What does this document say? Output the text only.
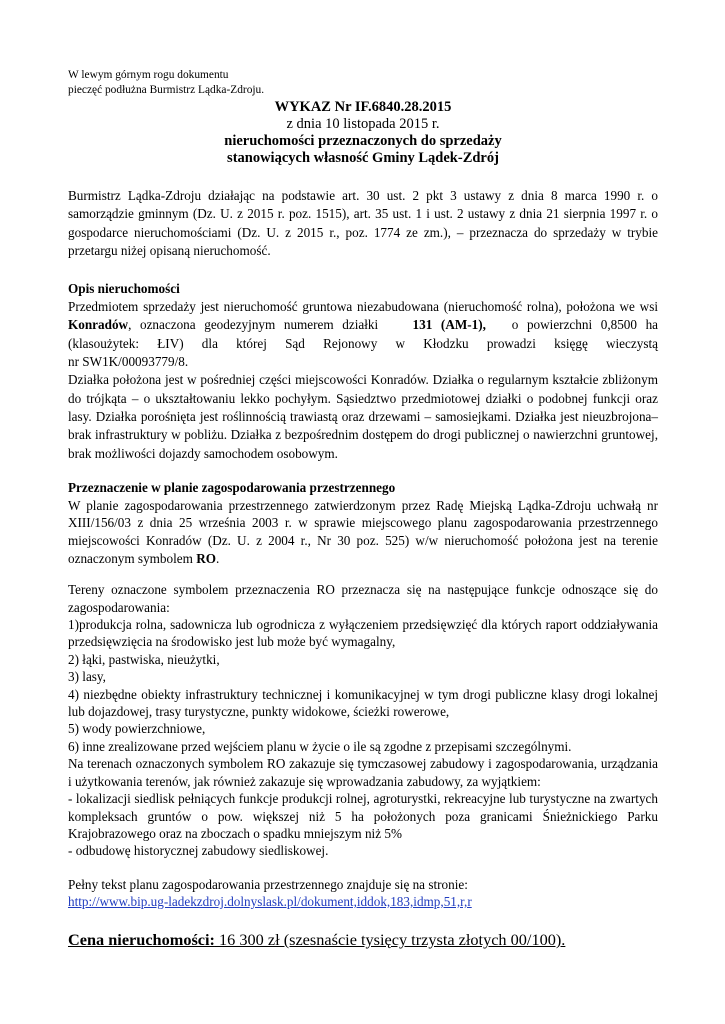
W lewym górnym rogu dokumentu
pieczęć podłużna Burmistrz Lądka-Zdroju.
WYKAZ Nr IF.6840.28.2015
z dnia 10 listopada 2015 r.
nieruchomości przeznaczonych do sprzedaży
stanowiących własność Gminy Lądek-Zdrój
Burmistrz Lądka-Zdroju działając na podstawie art. 30 ust. 2 pkt 3 ustawy z dnia 8 marca 1990 r. o samorządzie gminnym (Dz. U. z 2015 r. poz. 1515), art. 35 ust. 1 i ust. 2 ustawy z dnia 21 sierpnia 1997 r. o gospodarce nieruchomościami (Dz. U. z 2015 r., poz. 1774 ze zm.), – przeznacza do sprzedaży w trybie przetargu niżej opisaną nieruchomość.
Opis nieruchomości
Przedmiotem sprzedaży jest nieruchomość gruntowa niezabudowana (nieruchomość rolna), położona we wsi
Konradów, oznaczona geodezyjnym numerem działki	131 (AM-1), o powierzchni 0,8500 ha
(klasoużytek: ŁIV) dla której Sąd Rejonowy w Kłodzku prowadzi księgę wieczystą
nr SW1K/00093779/8.
Działka położona jest w pośredniej części miejscowości Konradów. Działka o regularnym kształcie zbliżonym do trójkąta – o ukształtowaniu lekko pochyłym. Sąsiedztwo przedmiotowej działki o podobnej funkcji oraz lasy. Działka porośnięta jest roślinnością trawiastą oraz drzewami – samosiejkami. Działka jest nieuzbrojona– brak infrastruktury w pobliżu. Działka z bezpośrednim dostępem do drogi publicznej o nawierzchni gruntowej, brak możliwości dojazdy samochodem osobowym.
Przeznaczenie w planie zagospodarowania przestrzennego
W planie zagospodarowania przestrzennego zatwierdzonym przez Radę Miejską Lądka-Zdroju uchwałą nr XIII/156/03 z dnia 25 września 2003 r. w sprawie miejscowego planu zagospodarowania przestrzennego miejscowości Konradów (Dz. U. z 2004 r., Nr 30 poz. 525) w/w nieruchomość położona jest na terenie oznaczonym symbolem RO.
Tereny oznaczone symbolem przeznaczenia RO przeznacza się na następujące funkcje odnoszące się do zagospodarowania:
1)produkcja rolna, sadownicza lub ogrodnicza z wyłączeniem przedsięwzięć dla których raport oddziaływania przedsięwzięcia na środowisko jest lub może być wymagalny,
2) łąki, pastwiska, nieużytki,
3) lasy,
4) niezbędne obiekty infrastruktury technicznej i komunikacyjnej w tym drogi publiczne klasy drogi lokalnej lub dojazdowej, trasy turystyczne, punkty widokowe, ścieżki rowerowe,
5) wody powierzchniowe,
6) inne zrealizowane przed wejściem planu w życie o ile są zgodne z przepisami szczególnymi.
Na terenach oznaczonych symbolem RO zakazuje się tymczasowej zabudowy i zagospodarowania, urządzania i użytkowania terenów, jak również zakazuje się wprowadzania zabudowy, za wyjątkiem:
- lokalizacji siedlisk pełniących funkcje produkcji rolnej, agroturystki, rekreacyjne lub turystyczne na zwartych kompleksach gruntów o pow. większej niż 5 ha położonych poza granicami Śnieżnickiego Parku Krajobrazowego oraz na zboczach o spadku mniejszym niż 5%
- odbudowę historycznej zabudowy siedliskowej.
Pełny tekst planu zagospodarowania przestrzennego znajduje się na stronie:
http://www.bip.ug-ladekzdroj.dolnyslask.pl/dokument,iddok,183,idmp,51,r,r
Cena nieruchomości: 16 300 zł (szesnaście tysięcy trzysta złotych 00/100).
